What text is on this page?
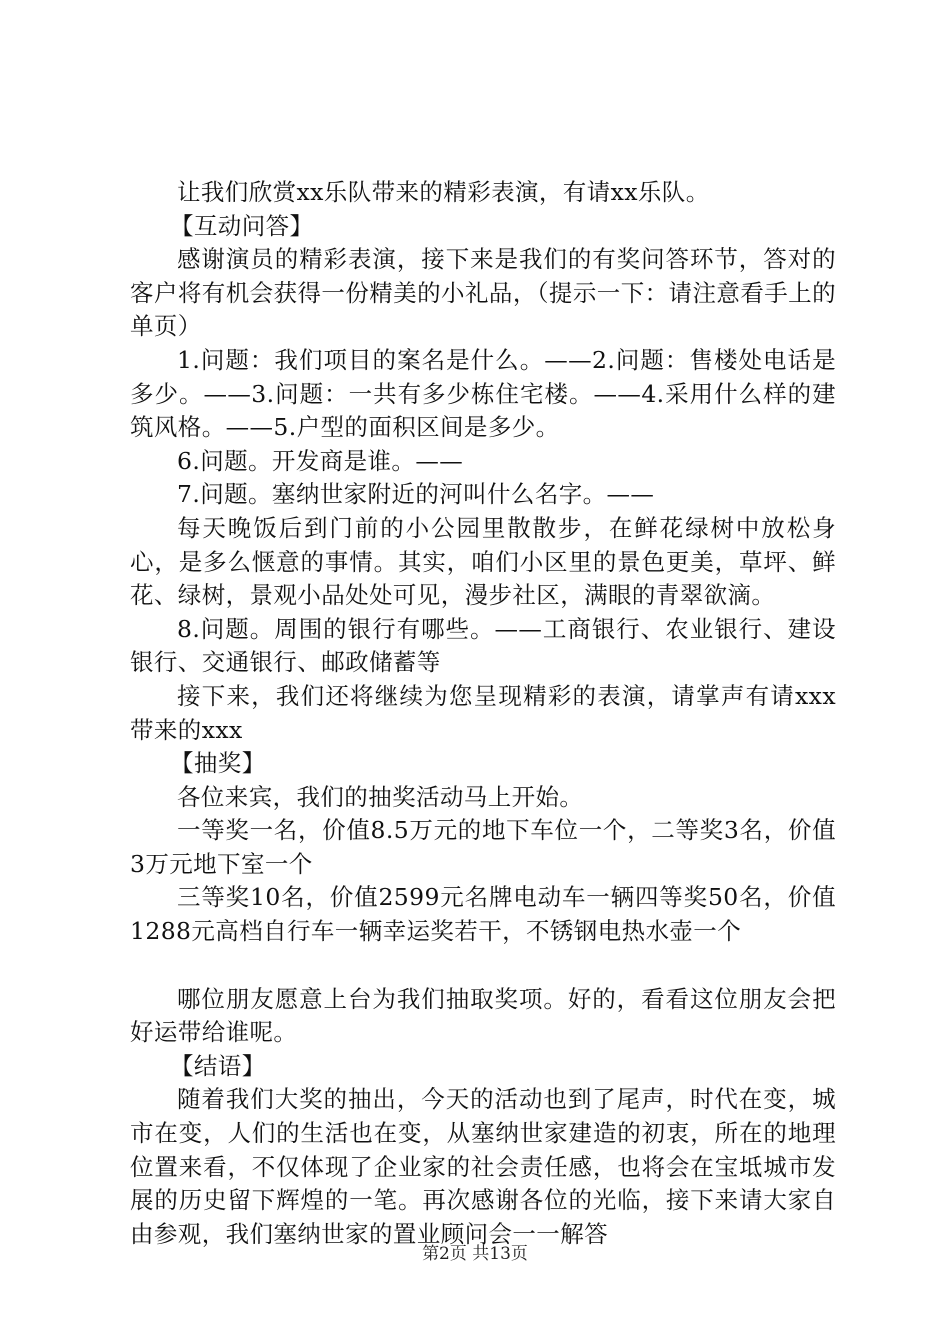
让我们欣赏xx乐队带来的精彩表演，有请xx乐队。

【互动问答】

感谢演员的精彩表演，接下来是我们的有奖问答环节，答对的客户将有机会获得一份精美的小礼品，（提示一下：请注意看手上的单页）

1.问题：我们项目的案名是什么。——2.问题：售楼处电话是多少。——3.问题：一共有多少栋住宅楼。——4.采用什么样的建筑风格。——5.户型的面积区间是多少。

6.问题。开发商是谁。——

7.问题。塞纳世家附近的河叫什么名字。——

每天晚饭后到门前的小公园里散散步，在鲜花绿树中放松身心，是多么惬意的事情。其实，咱们小区里的景色更美，草坪、鲜花、绿树，景观小品处处可见，漫步社区，满眼的青翠欲滴。

8.问题。周围的银行有哪些。——工商银行、农业银行、建设银行、交通银行、邮政储蓄等

接下来，我们还将继续为您呈现精彩的表演，请掌声有请xxx带来的xxx

【抽奖】

各位来宾，我们的抽奖活动马上开始。

一等奖一名，价值8.5万元的地下车位一个，二等奖3名，价值3万元地下室一个

三等奖10名，价值2599元名牌电动车一辆四等奖50名，价值1288元高档自行车一辆幸运奖若干，不锈钢电热水壶一个

哪位朋友愿意上台为我们抽取奖项。好的，看看这位朋友会把好运带给谁呢。

【结语】

随着我们大奖的抽出，今天的活动也到了尾声，时代在变，城市在变，人们的生活也在变，从塞纳世家建造的初衷，所在的地理位置来看，不仅体现了企业家的社会责任感，也将会在宝坻城市发展的历史留下辉煌的一笔。再次感谢各位的光临，接下来请大家自由参观，我们塞纳世家的置业顾问会一一解答

第2页 共13页
